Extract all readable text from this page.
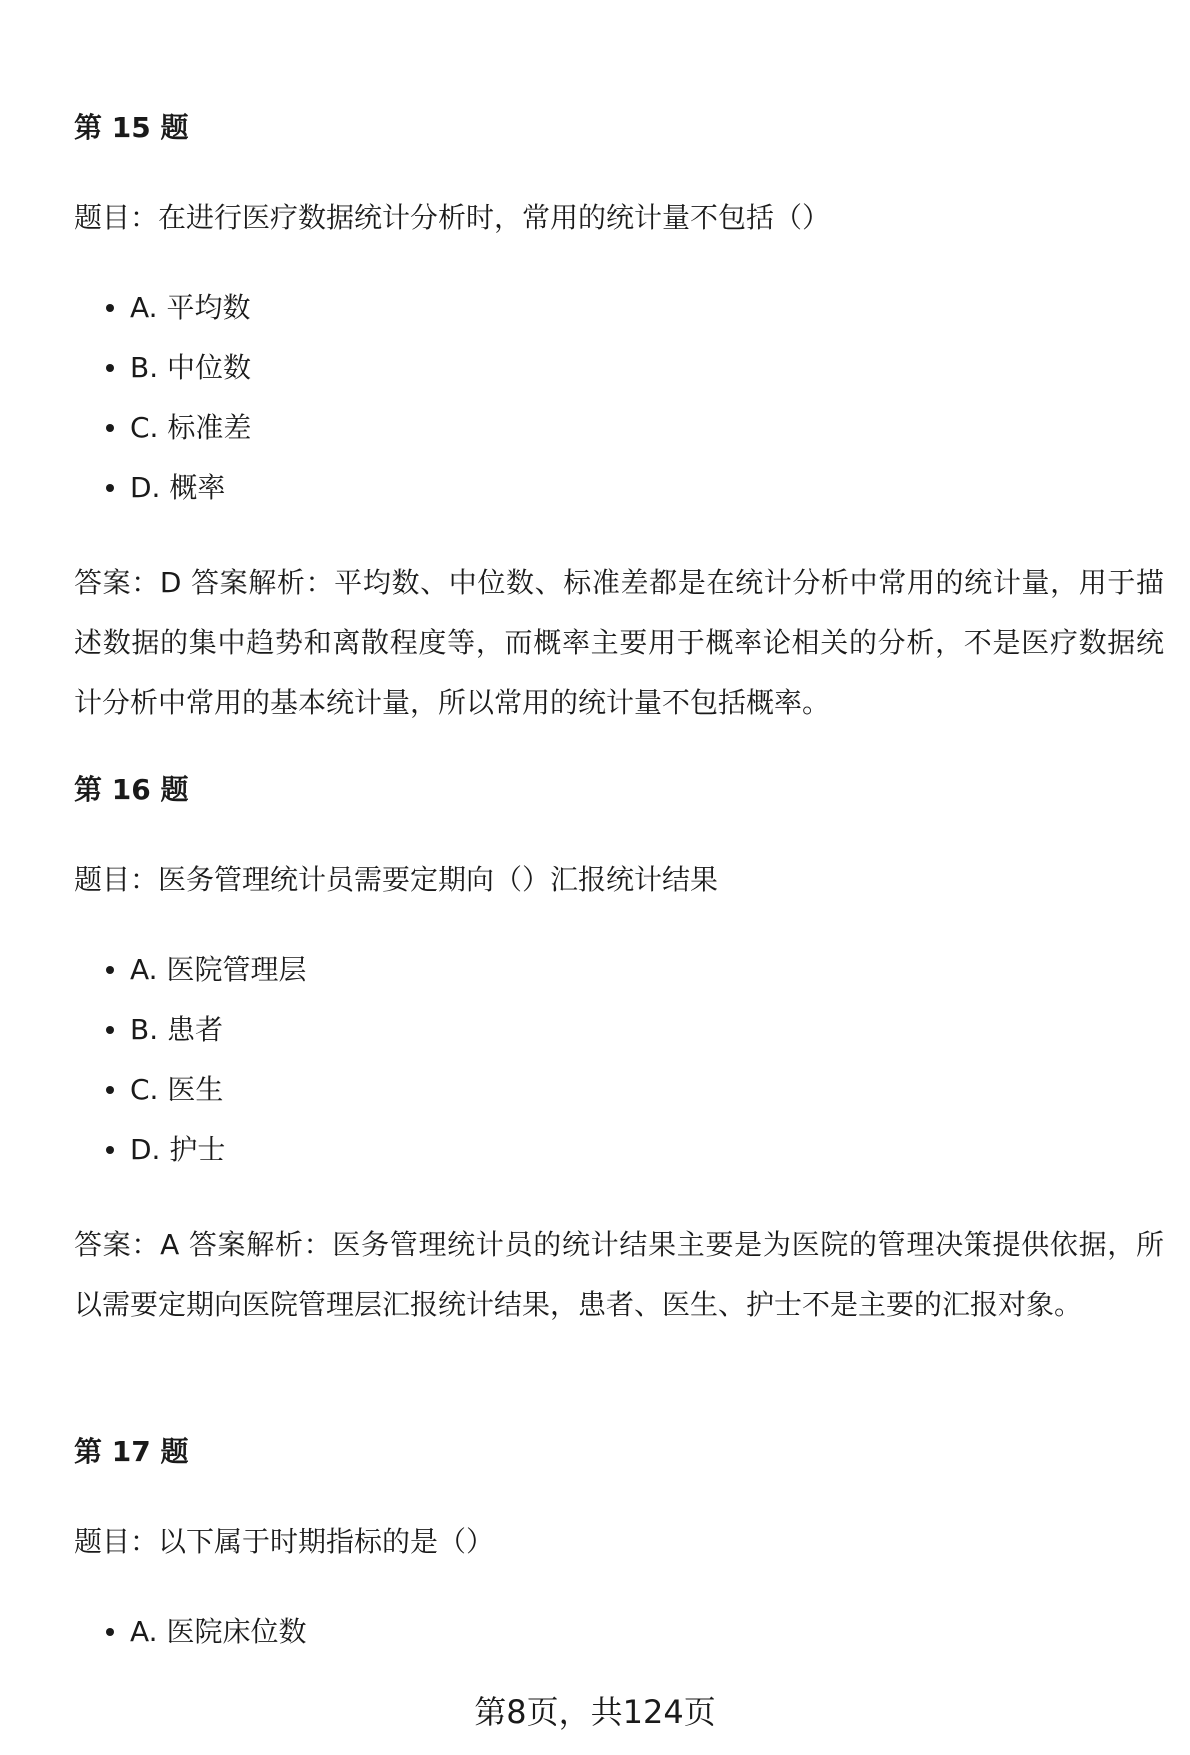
第 15 题

题目：在进行医疗数据统计分析时，常用的统计量不包括（）

A. 平均数
B. 中位数
C. 标准差
D. 概率

答案：D 答案解析：平均数、中位数、标准差都是在统计分析中常用的统计量，用于描述数据的集中趋势和离散程度等，而概率主要用于概率论相关的分析，不是医疗数据统计分析中常用的基本统计量，所以常用的统计量不包括概率。

第 16 题

题目：医务管理统计员需要定期向（）汇报统计结果

A. 医院管理层
B. 患者
C. 医生
D. 护士

答案：A 答案解析：医务管理统计员的统计结果主要是为医院的管理决策提供依据，所以需要定期向医院管理层汇报统计结果，患者、医生、护士不是主要的汇报对象。

第 17 题

题目：以下属于时期指标的是（）

A. 医院床位数

第8页，共124页
